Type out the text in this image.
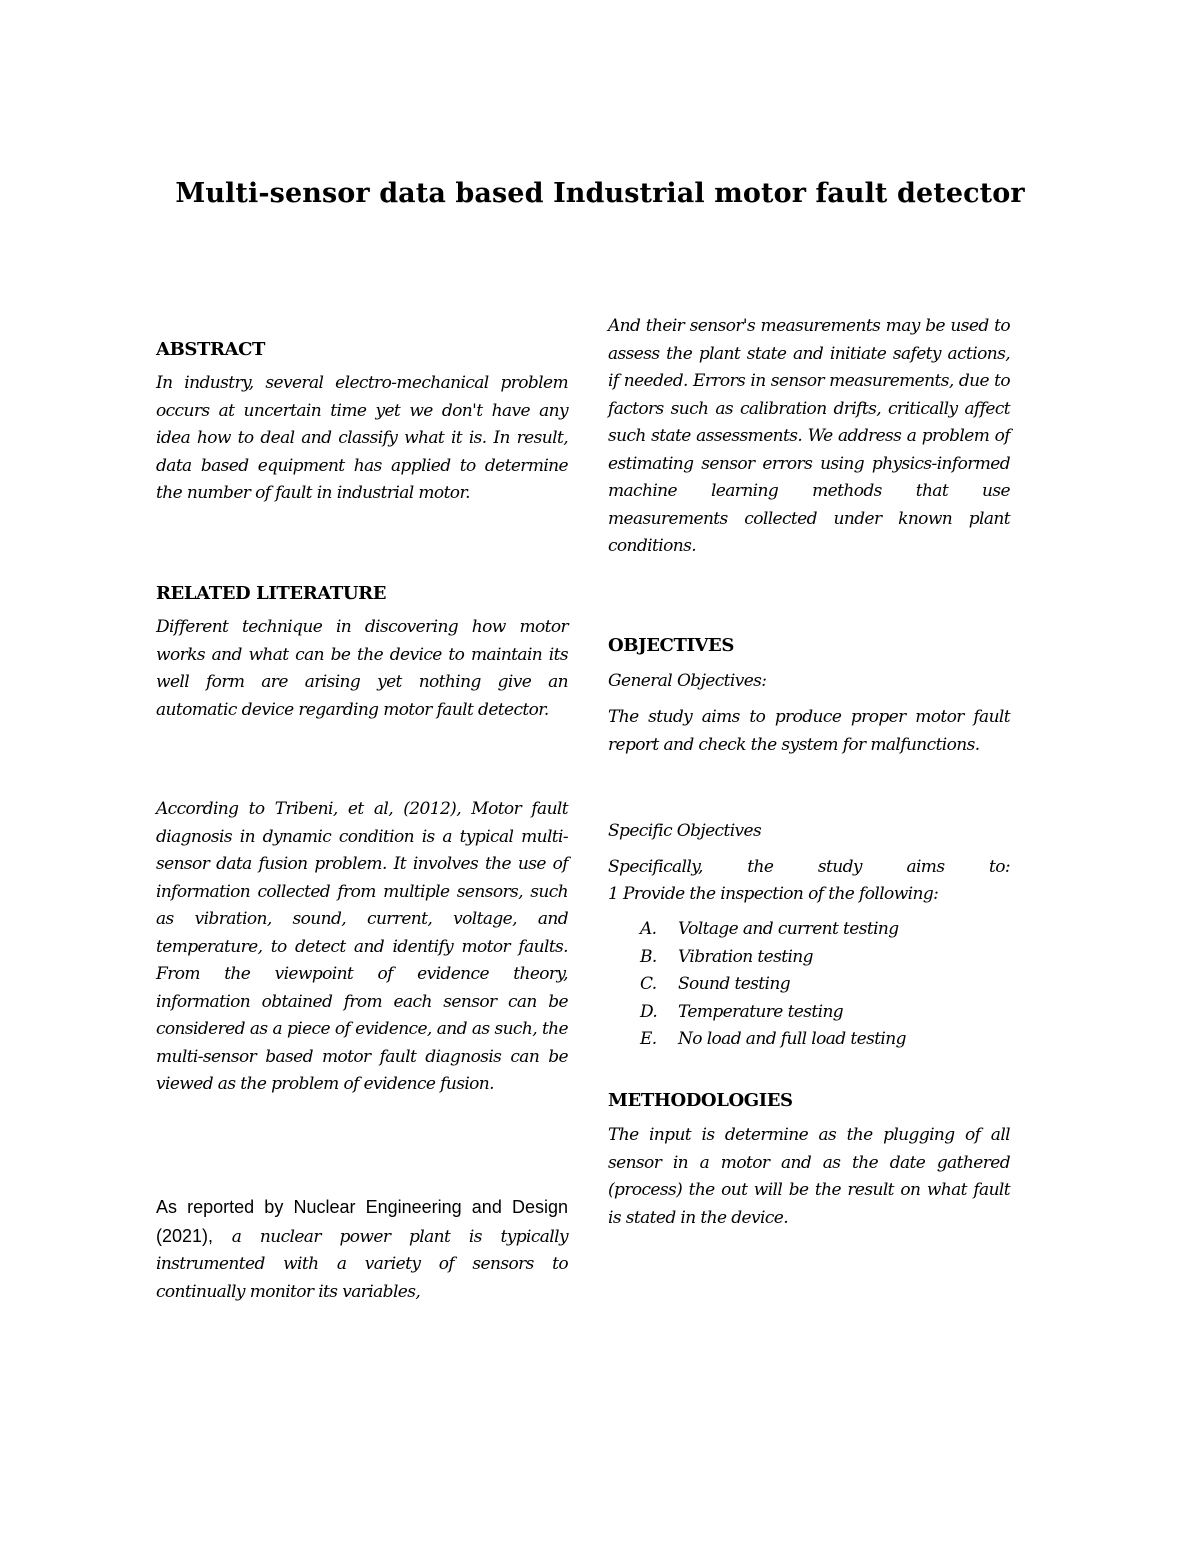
Multi-sensor data based Industrial motor fault detector
ABSTRACT

In industry, several electro-mechanical problem occurs at uncertain time yet we don't have any idea how to deal and classify what it is. In result, data based equipment has applied to determine the number of fault in industrial motor.

RELATED LITERATURE

Different technique in discovering how motor works and what can be the device to maintain its well form are arising yet nothing give an automatic device regarding motor fault detector.

According to Tribeni, et al, (2012), Motor fault diagnosis in dynamic condition is a typical multi-sensor data fusion problem. It involves the use of information collected from multiple sensors, such as vibration, sound, current, voltage, and temperature, to detect and identify motor faults. From the viewpoint of evidence theory, information obtained from each sensor can be considered as a piece of evidence, and as such, the multi-sensor based motor fault diagnosis can be viewed as the problem of evidence fusion.

As reported by Nuclear Engineering and Design (2021), a nuclear power plant is typically instrumented with a variety of sensors to continually monitor its variables,

And their sensor's measurements may be used to assess the plant state and initiate safety actions, if needed. Errors in sensor measurements, due to factors such as calibration drifts, critically affect such state assessments. We address a problem of estimating sensor errors using physics-informed machine learning methods that use measurements collected under known plant conditions.

OBJECTIVES

General Objectives:

The study aims to produce proper motor fault report and check the system for malfunctions.

Specific Objectives

Specifically, the study aims to:

1 Provide the inspection of the following:

A.	Voltage and current testing
B.	Vibration testing
C.	Sound testing
D.	Temperature testing
E.	No load and full load testing
METHODOLOGIES

The input is determine as the plugging of all sensor in a motor and as the date gathered (process) the out will be the result on what fault is stated in the device.
